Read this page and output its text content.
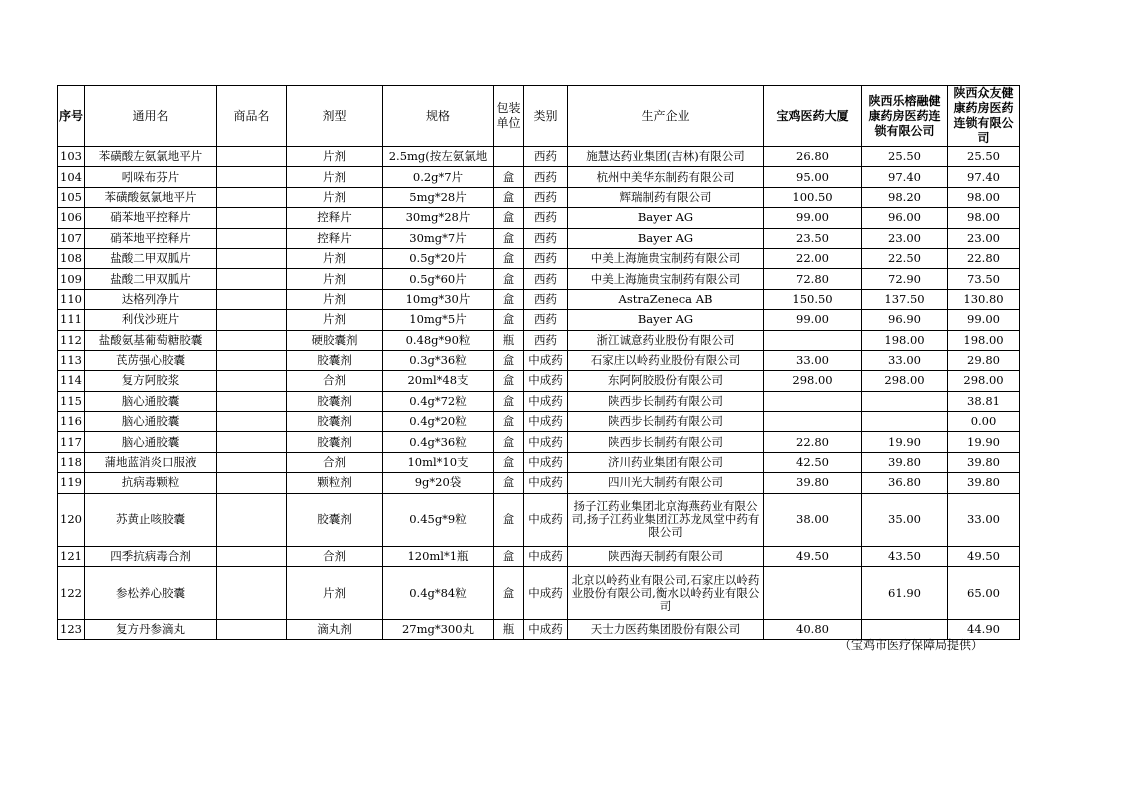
序号	通用名	商品名	剂型	规格	包装单位	类别	生产企业	宝鸡医药大厦	陕西乐榕融健康药房医药连锁有限公司	陕西众友健康药房医药连锁有限公司
103	苯磺酸左氨氯地平片		片剂	2.5mg(按左氨氯地		西药	施慧达药业集团(吉林)有限公司	26.80	25.50	25.50
104	吲哚布芬片		片剂	0.2g*7片	盒	西药	杭州中美华东制药有限公司	95.00	97.40	97.40
105	苯磺酸氨氯地平片		片剂	5mg*28片	盒	西药	辉瑞制药有限公司	100.50	98.20	98.00
106	硝苯地平控释片		控释片	30mg*28片	盒	西药	Bayer AG	99.00	96.00	98.00
107	硝苯地平控释片		控释片	30mg*7片	盒	西药	Bayer AG	23.50	23.00	23.00
108	盐酸二甲双胍片		片剂	0.5g*20片	盒	西药	中美上海施贵宝制药有限公司	22.00	22.50	22.80
109	盐酸二甲双胍片		片剂	0.5g*60片	盒	西药	中美上海施贵宝制药有限公司	72.80	72.90	73.50
110	达格列净片		片剂	10mg*30片	盒	西药	AstraZeneca AB	150.50	137.50	130.80
111	利伐沙班片		片剂	10mg*5片	盒	西药	Bayer AG	99.00	96.90	99.00
112	盐酸氨基葡萄糖胶囊		硬胶囊剂	0.48g*90粒	瓶	西药	浙江诚意药业股份有限公司		198.00	198.00
113	芪苈强心胶囊		胶囊剂	0.3g*36粒	盒	中成药	石家庄以岭药业股份有限公司	33.00	33.00	29.80
114	复方阿胶浆		合剂	20ml*48支	盒	中成药	东阿阿胶股份有限公司	298.00	298.00	298.00
115	脑心通胶囊		胶囊剂	0.4g*72粒	盒	中成药	陕西步长制药有限公司			38.81
116	脑心通胶囊		胶囊剂	0.4g*20粒	盒	中成药	陕西步长制药有限公司			0.00
117	脑心通胶囊		胶囊剂	0.4g*36粒	盒	中成药	陕西步长制药有限公司	22.80	19.90	19.90
118	蒲地蓝消炎口服液		合剂	10ml*10支	盒	中成药	济川药业集团有限公司	42.50	39.80	39.80
119	抗病毒颗粒		颗粒剂	9g*20袋	盒	中成药	四川光大制药有限公司	39.80	36.80	39.80
120	苏黄止咳胶囊		胶囊剂	0.45g*9粒	盒	中成药	扬子江药业集团北京海燕药业有限公司,扬子江药业集团江苏龙凤堂中药有限公司	38.00	35.00	33.00
121	四季抗病毒合剂		合剂	120ml*1瓶	盒	中成药	陕西海天制药有限公司	49.50	43.50	49.50
122	参松养心胶囊		片剂	0.4g*84粒	盒	中成药	北京以岭药业有限公司,石家庄以岭药业股份有限公司,衡水以岭药业有限公司		61.90	65.00
123	复方丹参滴丸		滴丸剂	27mg*300丸	瓶	中成药	天士力医药集团股份有限公司	40.80		44.90
（宝鸡市医疗保障局提供）
